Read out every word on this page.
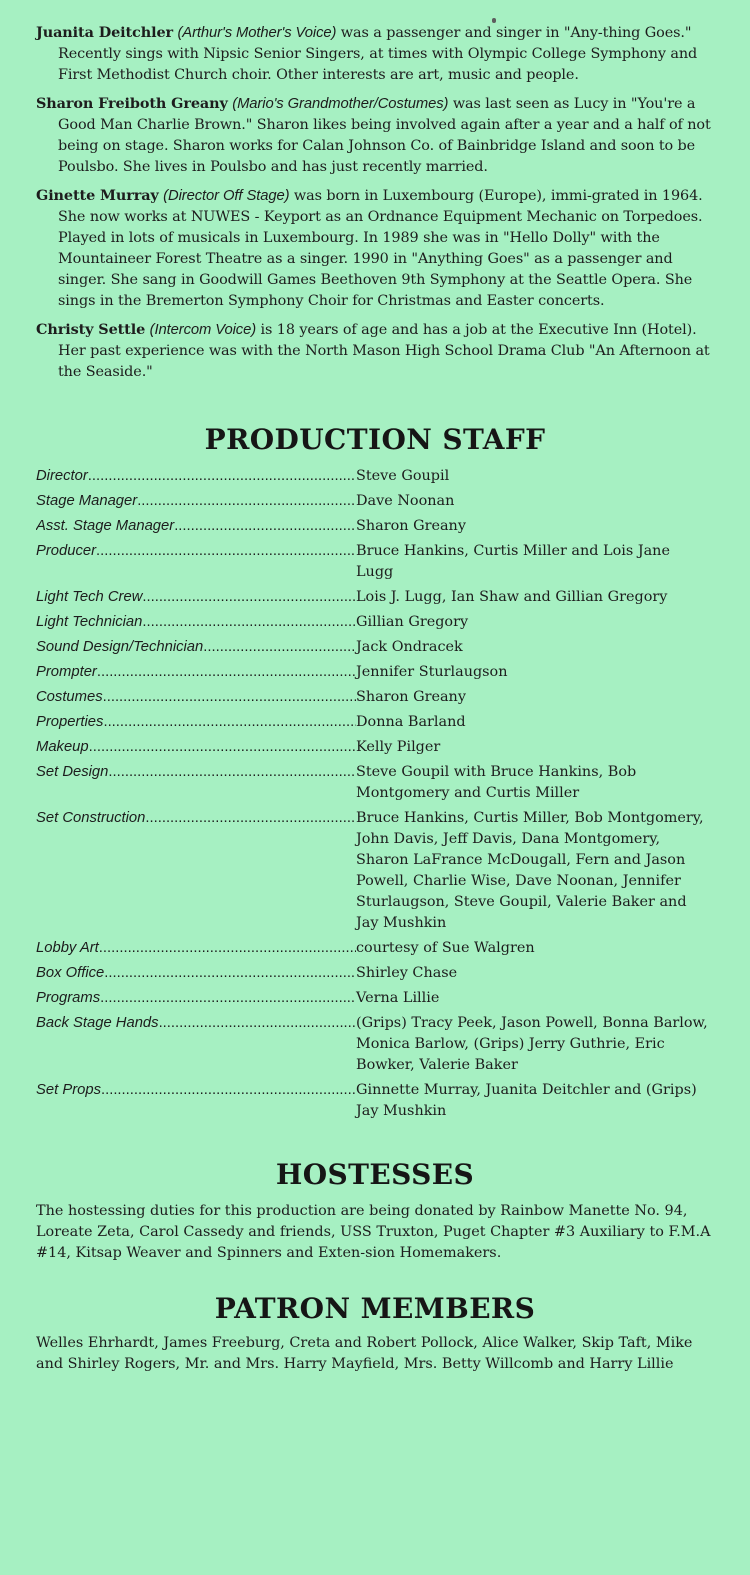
Juanita Deitchler (Arthur's Mother's Voice) was a passenger and singer in "Any-thing Goes." Recently sings with Nipsic Senior Singers, at times with Olympic College Symphony and First Methodist Church choir. Other interests are art, music and people.

Sharon Freiboth Greany (Mario's Grandmother/Costumes) was last seen as Lucy in "You're a Good Man Charlie Brown." Sharon likes being involved again after a year and a half of not being on stage. Sharon works for Calan Johnson Co. of Bainbridge Island and soon to be Poulsbo. She lives in Poulsbo and has just recently married.

Ginette Murray (Director Off Stage) was born in Luxembourg (Europe), immi-grated in 1964. She now works at NUWES - Keyport as an Ordnance Equipment Mechanic on Torpedoes. Played in lots of musicals in Luxembourg. In 1989 she was in "Hello Dolly" with the Mountaineer Forest Theatre as a singer. 1990 in "Anything Goes" as a passenger and singer. She sang in Goodwill Games Beethoven 9th Symphony at the Seattle Opera. She sings in the Bremerton Symphony Choir for Christmas and Easter concerts.

Christy Settle (Intercom Voice) is 18 years of age and has a job at the Executive Inn (Hotel). Her past experience was with the North Mason High School Drama Club "An Afternoon at the Seaside."

PRODUCTION STAFF
Director .....	Steve Goupil
Stage Manager .....	Dave Noonan
Asst. Stage Manager .....	Sharon Greany
Producer .....	Bruce Hankins, Curtis Miller and Lois Jane Lugg
Light Tech Crew .....	Lois J. Lugg, Ian Shaw and Gillian Gregory
Light Technician .....	Gillian Gregory
Sound Design/Technician .....	Jack Ondracek
Prompter .....	Jennifer Sturlaugson
Costumes .....	Sharon Greany
Properties .....	Donna Barland
Makeup .....	Kelly Pilger
Set Design .....	Steve Goupil with Bruce Hankins, Bob Montgomery and Curtis Miller
Set Construction .....	Bruce Hankins, Curtis Miller, Bob Montgomery, John Davis, Jeff Davis, Dana Montgomery, Sharon LaFrance McDougall, Fern and Jason Powell, Charlie Wise, Dave Noonan, Jennifer Sturlaugson, Steve Goupil, Valerie Baker and Jay Mushkin
Lobby Art .....	courtesy of Sue Walgren
Box Office .....	Shirley Chase
Programs .....	Verna Lillie
Back Stage Hands .....	(Grips) Tracy Peek, Jason Powell, Bonna Barlow, Monica Barlow, (Grips) Jerry Guthrie, Eric Bowker, Valerie Baker
Set Props .....	Ginnette Murray, Juanita Deitchler and (Grips) Jay Mushkin
HOSTESSES

The hostessing duties for this production are being donated by Rainbow Manette No. 94, Loreate Zeta, Carol Cassedy and friends, USS Truxton, Puget Chapter #3 Auxiliary to F.M.A #14, Kitsap Weaver and Spinners and Exten-sion Homemakers.

PATRON MEMBERS

Welles Ehrhardt, James Freeburg, Creta and Robert Pollock, Alice Walker, Skip Taft, Mike and Shirley Rogers, Mr. and Mrs. Harry Mayfield, Mrs. Betty Willcomb and Harry Lillie
